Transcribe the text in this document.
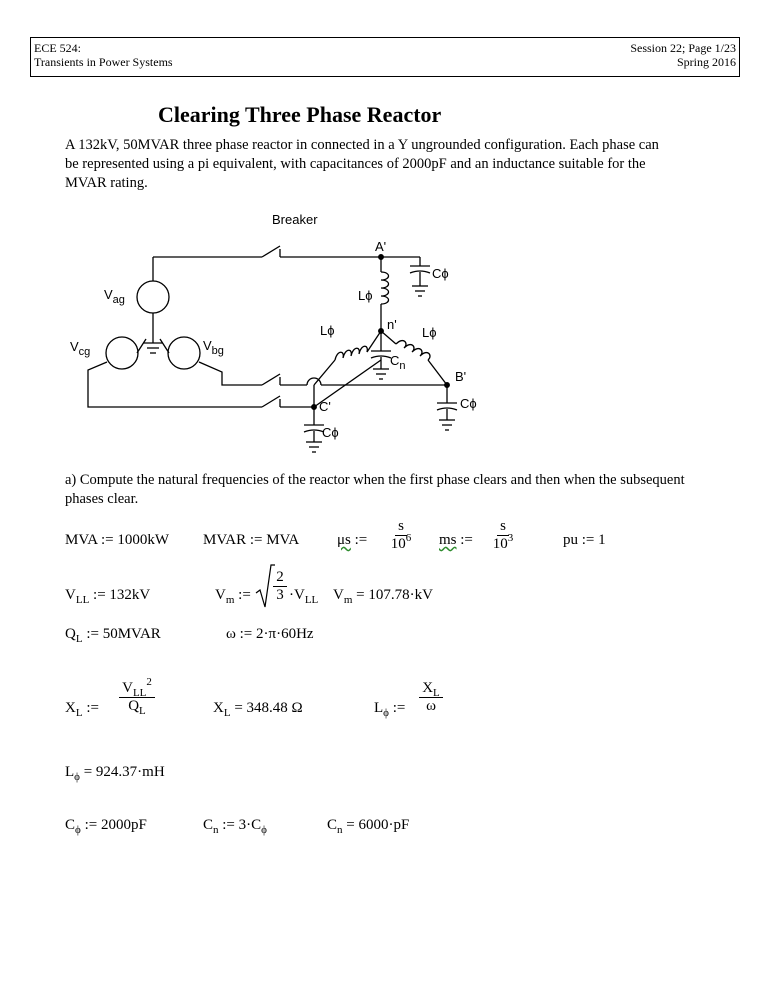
ECE 524:
Transients in Power Systems
Session 22; Page 1/23
Spring 2016
Clearing Three Phase Reactor
A 132kV, 50MVAR three phase reactor in connected in a Y ungrounded configuration. Each phase can be represented using a pi equivalent, with capacitances of 2000pF and an inductance suitable for the MVAR rating.
Breaker
A'
Cϕ
Lϕ
$V_{ag}$
Lϕ	n'
Lϕ
$V_{cg}$	$V_{bg}$
$C_n$
B'
Cϕ
C'
Cϕ
a) Compute the natural frequencies of the reactor when the first phase clears and then when the subsequent phases clear.
MVA := 1000kW MVAR := MVA	μs := $\frac{s}{10^6}$ ms := $\frac{s}{10^3}$	pu := 1
$V_{LL}$ := 132kV	$V_m$ := $\frac{2}{3} \cdot V_{LL}$ $V_m = 107.78\cdot kV$
$Q_L$ := 50MVAR	ω := 2·π·60Hz
$X_L$ :=
$V_{LL}^2$
$Q_L$	$X_L = 348.48$ Ω	$L_\phi$ := $\frac{X_L}{\omega}$
$L_\phi = 924.37\cdot mH$
$C_\phi$ := 2000pF	$C_n$ := $3\cdot C_\phi$	$C_n = 6000\cdot pF$
